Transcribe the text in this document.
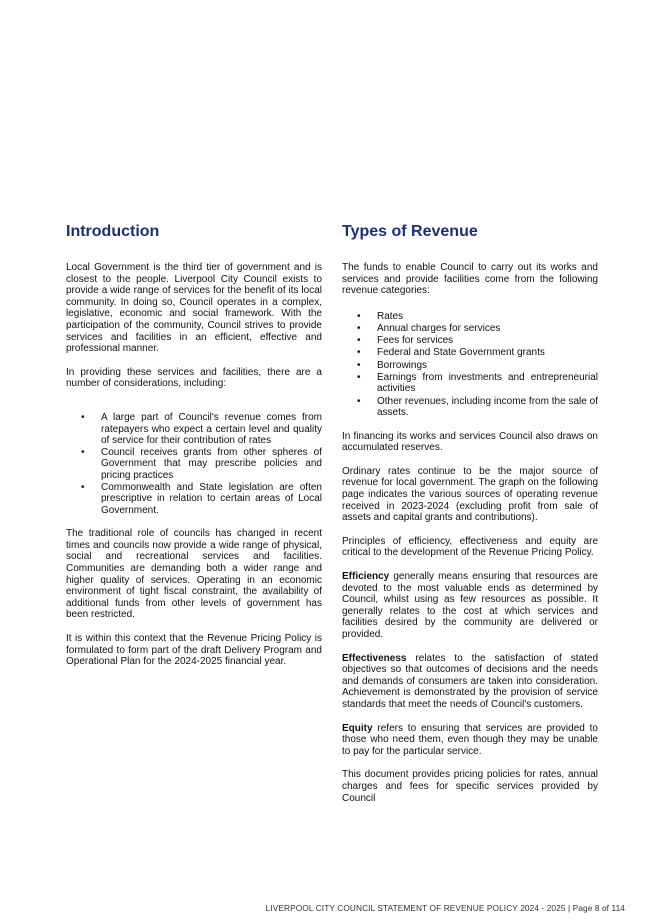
Introduction

Local Government is the third tier of government and is closest to the people. Liverpool City Council exists to provide a wide range of services for the benefit of its local community. In doing so, Council operates in a complex, legislative, economic and social framework. With the participation of the community, Council strives to provide services and facilities in an efficient, effective and professional manner.

In providing these services and facilities, there are a number of considerations, including:

• A large part of Council's revenue comes from ratepayers who expect a certain level and quality of service for their contribution of rates
• Council receives grants from other spheres of Government that may prescribe policies and pricing practices
• Commonwealth and State legislation are often prescriptive in relation to certain areas of Local Government.

The traditional role of councils has changed in recent times and councils now provide a wide range of physical, social and recreational services and facilities. Communities are demanding both a wider range and higher quality of services. Operating in an economic environment of tight fiscal constraint, the availability of additional funds from other levels of government has been restricted.

It is within this context that the Revenue Pricing Policy is formulated to form part of the draft Delivery Program and Operational Plan for the 2024-2025 financial year.

Types of Revenue

The funds to enable Council to carry out its works and services and provide facilities come from the following revenue categories:

• Rates
• Annual charges for services
• Fees for services
• Federal and State Government grants
• Borrowings
• Earnings from investments and entrepreneurial activities
• Other revenues, including income from the sale of assets.

In financing its works and services Council also draws on accumulated reserves.

Ordinary rates continue to be the major source of revenue for local government. The graph on the following page indicates the various sources of operating revenue received in 2023-2024 (excluding profit from sale of assets and capital grants and contributions).

Principles of efficiency, effectiveness and equity are critical to the development of the Revenue Pricing Policy.

Efficiency generally means ensuring that resources are devoted to the most valuable ends as determined by Council, whilst using as few resources as possible. It generally relates to the cost at which services and facilities desired by the community are delivered or provided.

Effectiveness relates to the satisfaction of stated objectives so that outcomes of decisions and the needs and demands of consumers are taken into consideration. Achievement is demonstrated by the provision of service standards that meet the needs of Council's customers.

Equity refers to ensuring that services are provided to those who need them, even though they may be unable to pay for the particular service.

This document provides pricing policies for rates, annual charges and fees for specific services provided by Council

LIVERPOOL CITY COUNCIL STATEMENT OF REVENUE POLICY 2024 - 2025 | Page 8 of 114
